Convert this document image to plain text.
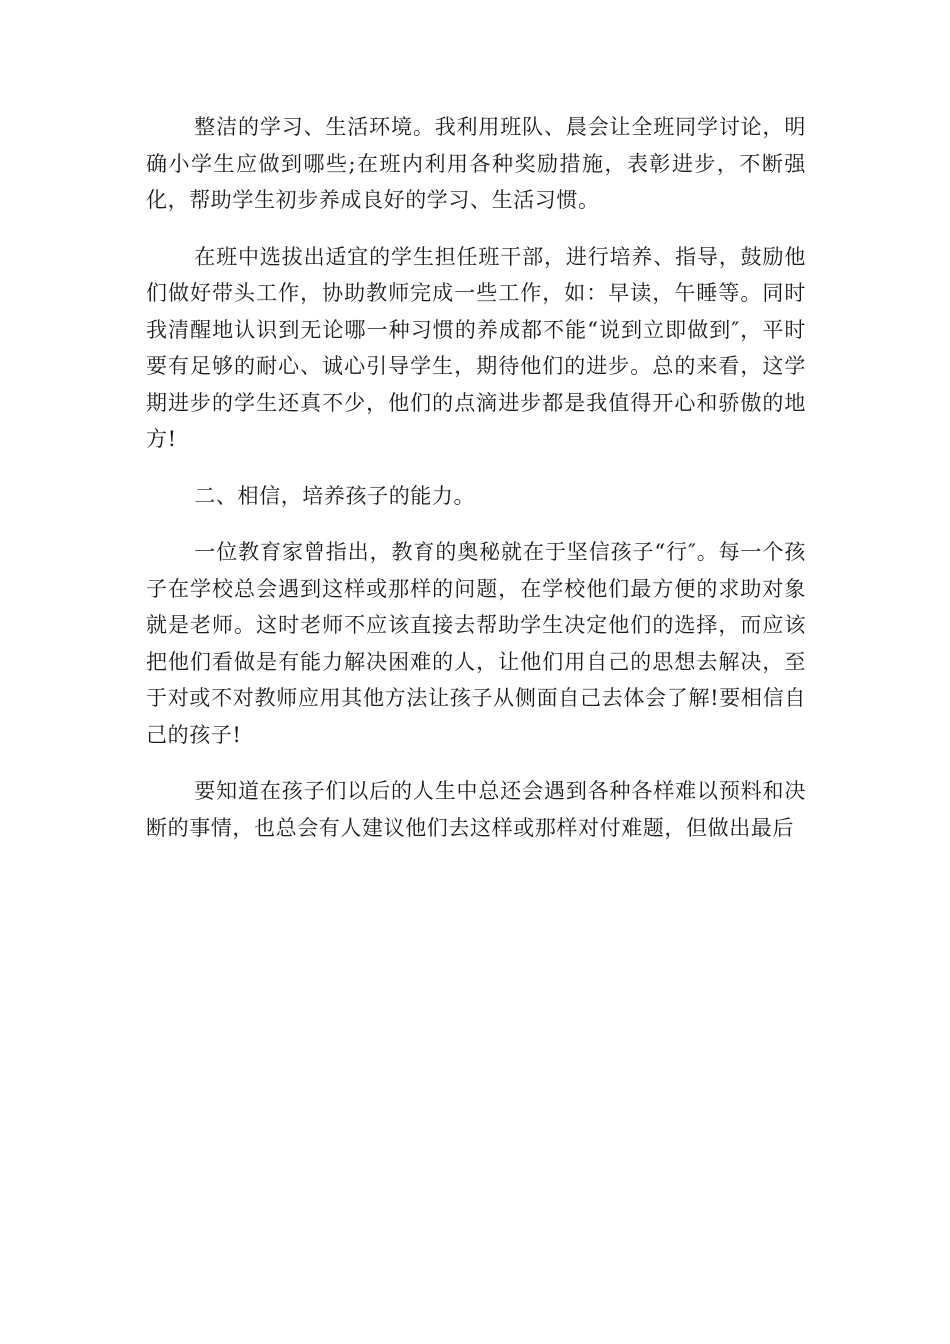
整洁的学习、生活环境。我利用班队、晨会让全班同学讨论，明确小学生应做到哪些;在班内利用各种奖励措施，表彰进步，不断强化，帮助学生初步养成良好的学习、生活习惯。

在班中选拔出适宜的学生担任班干部，进行培养、指导，鼓励他们做好带头工作，协助教师完成一些工作，如：早读，午睡等。同时我清醒地认识到无论哪一种习惯的养成都不能“说到立即做到″，平时要有足够的耐心、诚心引导学生，期待他们的进步。总的来看，这学期进步的学生还真不少，他们的点滴进步都是我值得开心和骄傲的地方!

二、相信，培养孩子的能力。

一位教育家曾指出，教育的奥秘就在于坚信孩子“行″。每一个孩子在学校总会遇到这样或那样的问题，在学校他们最方便的求助对象就是老师。这时老师不应该直接去帮助学生决定他们的选择，而应该把他们看做是有能力解决困难的人，让他们用自己的思想去解决，至于对或不对教师应用其他方法让孩子从侧面自己去体会了解!要相信自己的孩子!

要知道在孩子们以后的人生中总还会遇到各种各样难以预料和决断的事情，也总会有人建议他们去这样或那样对付难题，但做出最后
